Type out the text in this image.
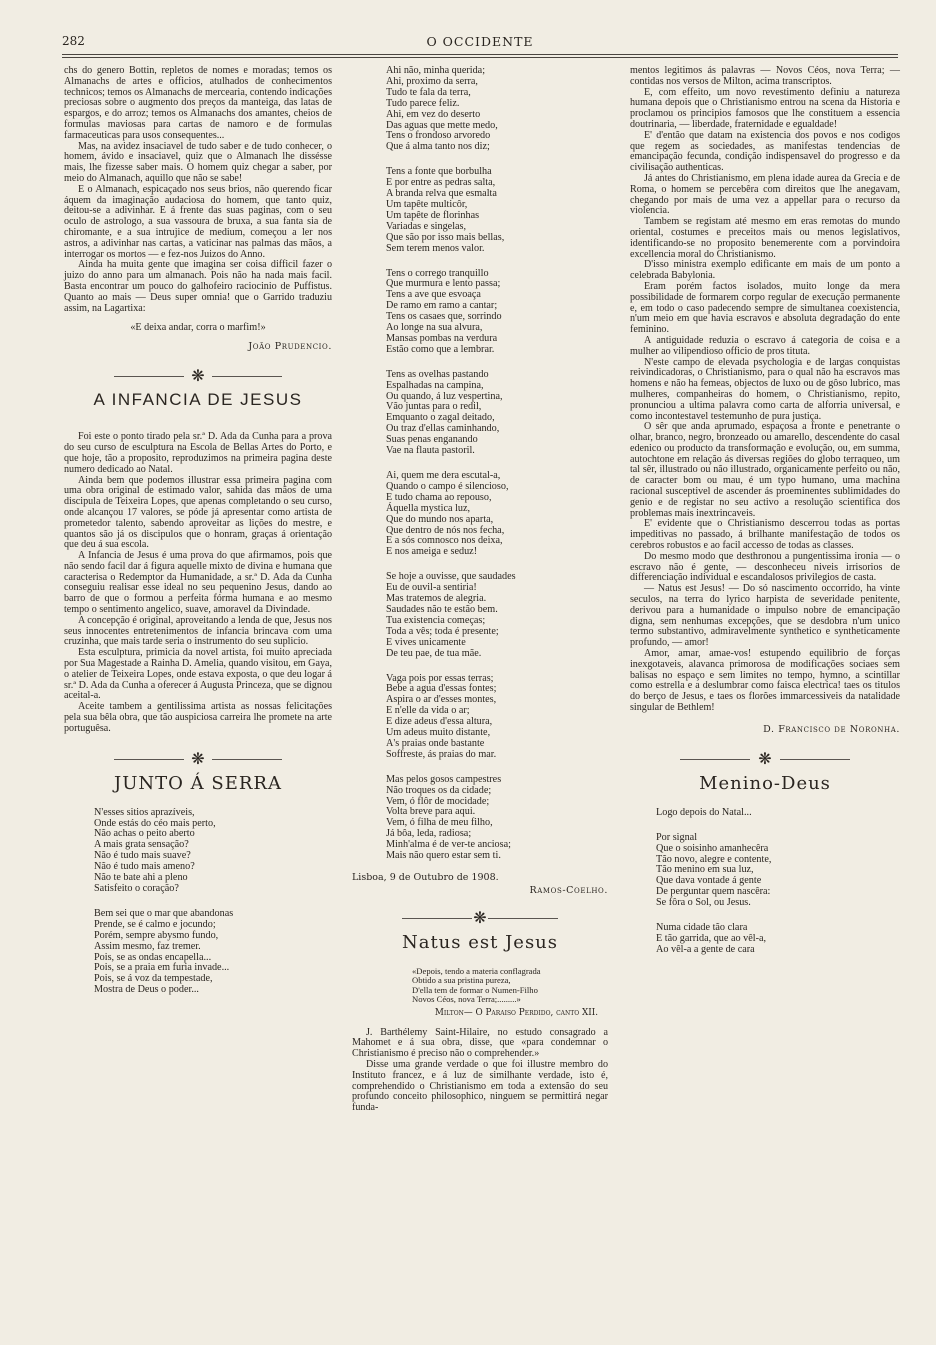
282	O OCCIDENTE

chs do genero Bottin, repletos de nomes e moradas; temos os Almanachs de artes e officios, atulhados de conhecimentos technicos; temos os Almanachs de mercearia, contendo indicações preciosas sobre o augmento dos preços da manteiga, das latas de espargos, e do arroz; temos os Almanachs dos amantes, cheios de formulas maviosas para cartas de namoro e de formulas farmaceuticas para usos consequentes...

Mas, na avidez insaciavel de tudo saber e de tudo conhecer, o homem, ávido e insaciavel, quiz que o Almanach lhe dissésse mais, lhe fizesse saber mais. O homem quiz chegar a saber, por meio do Almanach, aquillo que não se sabe!

E o Almanach, espicaçado nos seus brios, não querendo ficar áquem da imaginação audaciosa do homem, que tanto quiz, deitou-se a adivinhar. E á frente das suas paginas, com o seu oculo de astrologo, a sua vassoura de bruxa, a sua fanta sia de chiromante, e a sua intrujice de medium, começou a ler nos astros, a adivinhar nas cartas, a vaticinar nas palmas das mãos, a interrogar os mortos — e fez-nos Juizos do Anno.

Ainda ha muita gente que imagina ser coisa difficil fazer o juizo do anno para um almanach. Pois não ha nada mais facil. Basta encontrar um pouco do galhofeiro raciocinio de Puffistus. Quanto ao mais — Deus super omnia! que o Garrido traduziu assim, na Lagartixa:

«E deixa andar, corra o marfim!»
João Prudencio.
❋
A INFANCIA DE JESUS

Foi este o ponto tirado pela sr.ª D. Ada da Cunha para a prova do seu curso de esculptura na Escola de Bellas Artes do Porto, e que hoje, tão a proposito, reproduzimos na primeira pagina deste numero dedicado ao Natal.

Ainda bem que podemos illustrar essa primeira pagina com uma obra original de estimado valor, sahida das mãos de uma discipula de Teixeira Lopes, que apenas completando o seu curso, onde alcançou 17 valores, se póde já apresentar como artista de prometedor talento, sabendo aproveitar as lições do mestre, e quantos são já os discipulos que o honram, graças á orientação que deu á sua escola.

A Infancia de Jesus é uma prova do que afirmamos, pois que não sendo facil dar á figura aquelle mixto de divina e humana que caracterisa o Redemptor da Humanidade, a sr.ª D. Ada da Cunha conseguiu realisar esse ideal no seu pequenino Jesus, dando ao barro de que o formou a perfeita fórma humana e ao mesmo tempo o sentimento angelico, suave, amoravel da Divindade.

A concepção é original, aproveitando a lenda de que, Jesus nos seus innocentes entretenimentos de infancia brincava com uma cruzinha, que mais tarde seria o instrumento do seu suplicio.

Esta esculptura, primicia da novel artista, foi muito apreciada por Sua Magestade a Rainha D. Amelia, quando visitou, em Gaya, o atelier de Teixeira Lopes, onde estava exposta, o que deu logar á sr.ª D. Ada da Cunha a oferecer á Augusta Princeza, que se dignou aceital-a.

Aceite tambem a gentilissima artista as nossas felicitações pela sua bêla obra, que tão auspiciosa carreira lhe promete na arte portuguêsa.

❋
JUNTO Á SERRA
N'esses sitios aprazíveis,
Onde estás do céo mais perto,
Não achas o peito aberto
A mais grata sensação?
Não é tudo mais suave?
Não é tudo mais ameno?
Não te bate ahi a pleno
Satisfeito o coração?
Bem sei que o mar que abandonas
Prende, se é calmo e jocundo;
Porém, sempre abysmo fundo,
Assim mesmo, faz tremer.
Pois, se as ondas encapella...
Pois, se a praia em furia invade...
Pois, se á voz da tempestade,
Mostra de Deus o poder...
Ahi não, minha querida;
Ahi, proximo da serra,
Tudo te fala da terra,
Tudo parece feliz.
Ahi, em vez do deserto
Das aguas que mette medo,
Tens o frondoso arvoredo
Que á alma tanto nos diz;
Tens a fonte que borbulha
E por entre as pedras salta,
A branda relva que esmalta
Um tapête multicôr,
Um tapête de florinhas
Variadas e singelas,
Que são por isso mais bellas,
Sem terem menos valor.
Tens o corrego tranquillo
Que murmura e lento passa;
Tens a ave que esvoaça
De ramo em ramo a cantar;
Tens os casaes que, sorrindo
Ao longe na sua alvura,
Mansas pombas na verdura
Estão como que a lembrar.
Tens as ovelhas pastando
Espalhadas na campina,
Ou quando, á luz vespertina,
Vão juntas para o redil,
Emquanto o zagal deitado,
Ou traz d'ellas caminhando,
Suas penas enganando
Vae na flauta pastoril.
Ai, quem me dera escutal-a,
Quando o campo é silencioso,
E tudo chama ao repouso,
Áquella mystica luz,
Que do mundo nos aparta,
Que dentro de nós nos fecha,
E a sós comnosco nos deixa,
E nos ameiga e seduz!
Se hoje a ouvisse, que saudades
Eu de ouvil-a sentiria!
Mas tratemos de alegria.
Saudades não te estão bem.
Tua existencia começas;
Toda a vês; toda é presente;
E vives unicamente
De teu pae, de tua mãe.
Vaga pois por essas terras;
Bebe a agua d'essas fontes;
Aspira o ar d'esses montes,
E n'elle da vida o ar;
E dize adeus d'essa altura,
Um adeus muito distante,
A's praias onde bastante
Soffreste, ás praias do mar.
Mas pelos gosos campestres
Não troques os da cidade;
Vem, ó flôr de mocidade;
Volta breve para aqui.
Vem, ó filha de meu filho,
Já bôa, leda, radiosa;
Minh'alma é de ver-te anciosa;
Mais não quero estar sem ti.
Lisboa, 9 de Outubro de 1908.
Ramos-Coelho.
❋
Natus est Jesus
«Depois, tendo a materia conflagrada
Obtido a sua pristina pureza,
D'ella tem de formar o Numen-Filho
Novos Céos, nova Terra;.........»
Milton— O Paraiso Perdido, canto XII.

J. Barthélemy Saint-Hilaire, no estudo consagrado a Mahomet e á sua obra, disse, que «para condemnar o Christianismo é preciso não o comprehender.»

Disse uma grande verdade o que foi illustre membro do Instituto francez, e á luz de similhante verdade, isto é, comprehendido o Christianismo em toda a extensão do seu profundo conceito philosophico, ninguem se permittirá negar funda-

mentos legitimos ás palavras — Novos Céos, nova Terra; — contidas nos versos de Milton, acima transcriptos.

E, com effeito, um novo revestimento definiu a natureza humana depois que o Christianismo entrou na scena da Historia e proclamou os principios famosos que lhe constituem a essencia doutrinaria, — liberdade, fraternidade e egualdade!

E' d'então que datam na existencia dos povos e nos codigos que regem as sociedades, as manifestas tendencias de emancipação fecunda, condição indispensavel do progresso e da civilisação authenticas.

Já antes do Christianismo, em plena idade aurea da Grecia e de Roma, o homem se percebêra com direitos que lhe anegavam, chegando por mais de uma vez a appellar para o recurso da violencia.

Tambem se registam até mesmo em eras remotas do mundo oriental, costumes e preceitos mais ou menos legislativos, identificando-se no proposito benemerente com a porvindoira excellencia moral do Christianismo.

D'isso ministra exemplo edificante em mais de um ponto a celebrada Babylonia.

Eram porém factos isolados, muito longe da mera possibilidade de formarem corpo regular de execução permanente e, em todo o caso padecendo sempre de simultanea coexistencia, n'um meio em que havia escravos e absoluta degradação do ente feminino.

A antiguidade reduzia o escravo á categoria de coisa e a mulher ao vilipendioso officio de pros tituta.

N'este campo de elevada psychologia e de largas conquistas reivindicadoras, o Christianismo, para o qual não ha escravos mas homens e não ha femeas, objectos de luxo ou de gôso lubrico, mas mulheres, companheiras do homem, o Christianismo, repito, pronunciou a ultima palavra como carta de alforria universal, e como incontestavel testemunho de pura justiça.

O sêr que anda aprumado, espaçosa a fronte e penetrante o olhar, branco, negro, bronzeado ou amarello, descendente do casal edenico ou producto da transformação e evolução, ou, em summa, autochtone em relação ás diversas regiões do globo terraqueo, um tal sêr, illustrado ou não illustrado, organicamente perfeito ou não, de caracter bom ou mau, é um typo humano, uma machina racional susceptivel de ascender ás proeminentes sublimidades do genio e de registar no seu activo a resolução scientifica dos problemas mais inextrincaveis.

E' evidente que o Christianismo descerrou todas as portas impeditivas no passado, á brilhante manifestação de todos os cerebros robustos e ao facil accesso de todas as classes.

Do mesmo modo que desthronou a pungentissima ironia — o escravo não é gente, — desconheceu niveis irrisorios de differenciação individual e escandalosos privilegios de casta.

— Natus est Jesus! — Do só nascimento occorrido, ha vinte seculos, na terra do lyrico harpista de severidade penitente, derivou para a humanidade o impulso nobre de emancipação digna, sem nenhumas excepções, que se desdobra n'um unico termo substantivo, admiravelmente synthetico e syntheticamente profundo, — amor!

Amor, amar, amae-vos! estupendo equilibrio de forças inexgotaveis, alavanca primorosa de modificações sociaes sem balisas no espaço e sem limites no tempo, hymno, a scintillar como estrella e a deslumbrar como faisca electrica! taes os titulos do berço de Jesus, e taes os florões immarcessiveis da natalidade singular de Bethlem!

D. Francisco de Noronha.
❋
Menino-Deus
Logo depois do Natal...
Por signal
Que o soisinho amanhecêra
Tão novo, alegre e contente,
Tão menino em sua luz,
Que dava vontade á gente
De perguntar quem nascêra:
Se fôra o Sol, ou Jesus.
Numa cidade tão clara
E tão garrida, que ao vêl-a,
Ao vêl-a a gente de cara
